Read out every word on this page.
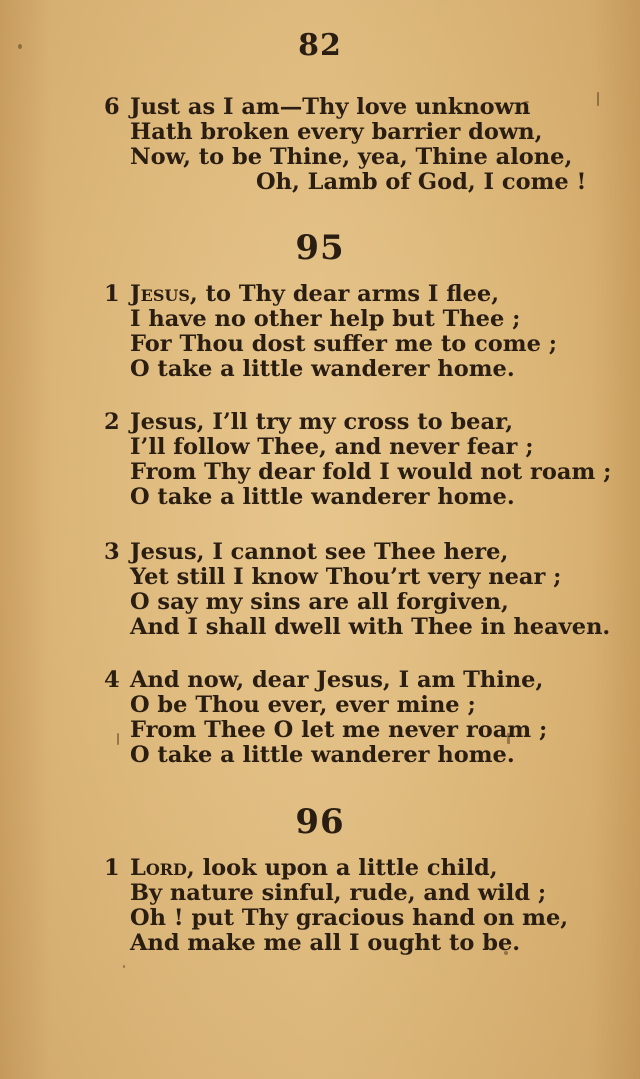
82
6 Just as I am—Thy love unknown
Hath broken every barrier down,
Now, to be Thine, yea, Thine alone,
Oh, Lamb of God, I come !
95
1 Jesus, to Thy dear arms I flee,
I have no other help but Thee ;
For Thou dost suffer me to come ;
O take a little wanderer home.
2 Jesus, I’ll try my cross to bear,
I’ll follow Thee, and never fear ;
From Thy dear fold I would not roam ;
O take a little wanderer home.
3 Jesus, I cannot see Thee here,
Yet still I know Thou’rt very near ;
O say my sins are all forgiven,
And I shall dwell with Thee in heaven.
4 And now, dear Jesus, I am Thine,
O be Thou ever, ever mine ;
From Thee O let me never roam ;
O take a little wanderer home.
96
1 Lord, look upon a little child,
By nature sinful, rude, and wild ;
Oh ! put Thy gracious hand on me,
And make me all I ought to be.
